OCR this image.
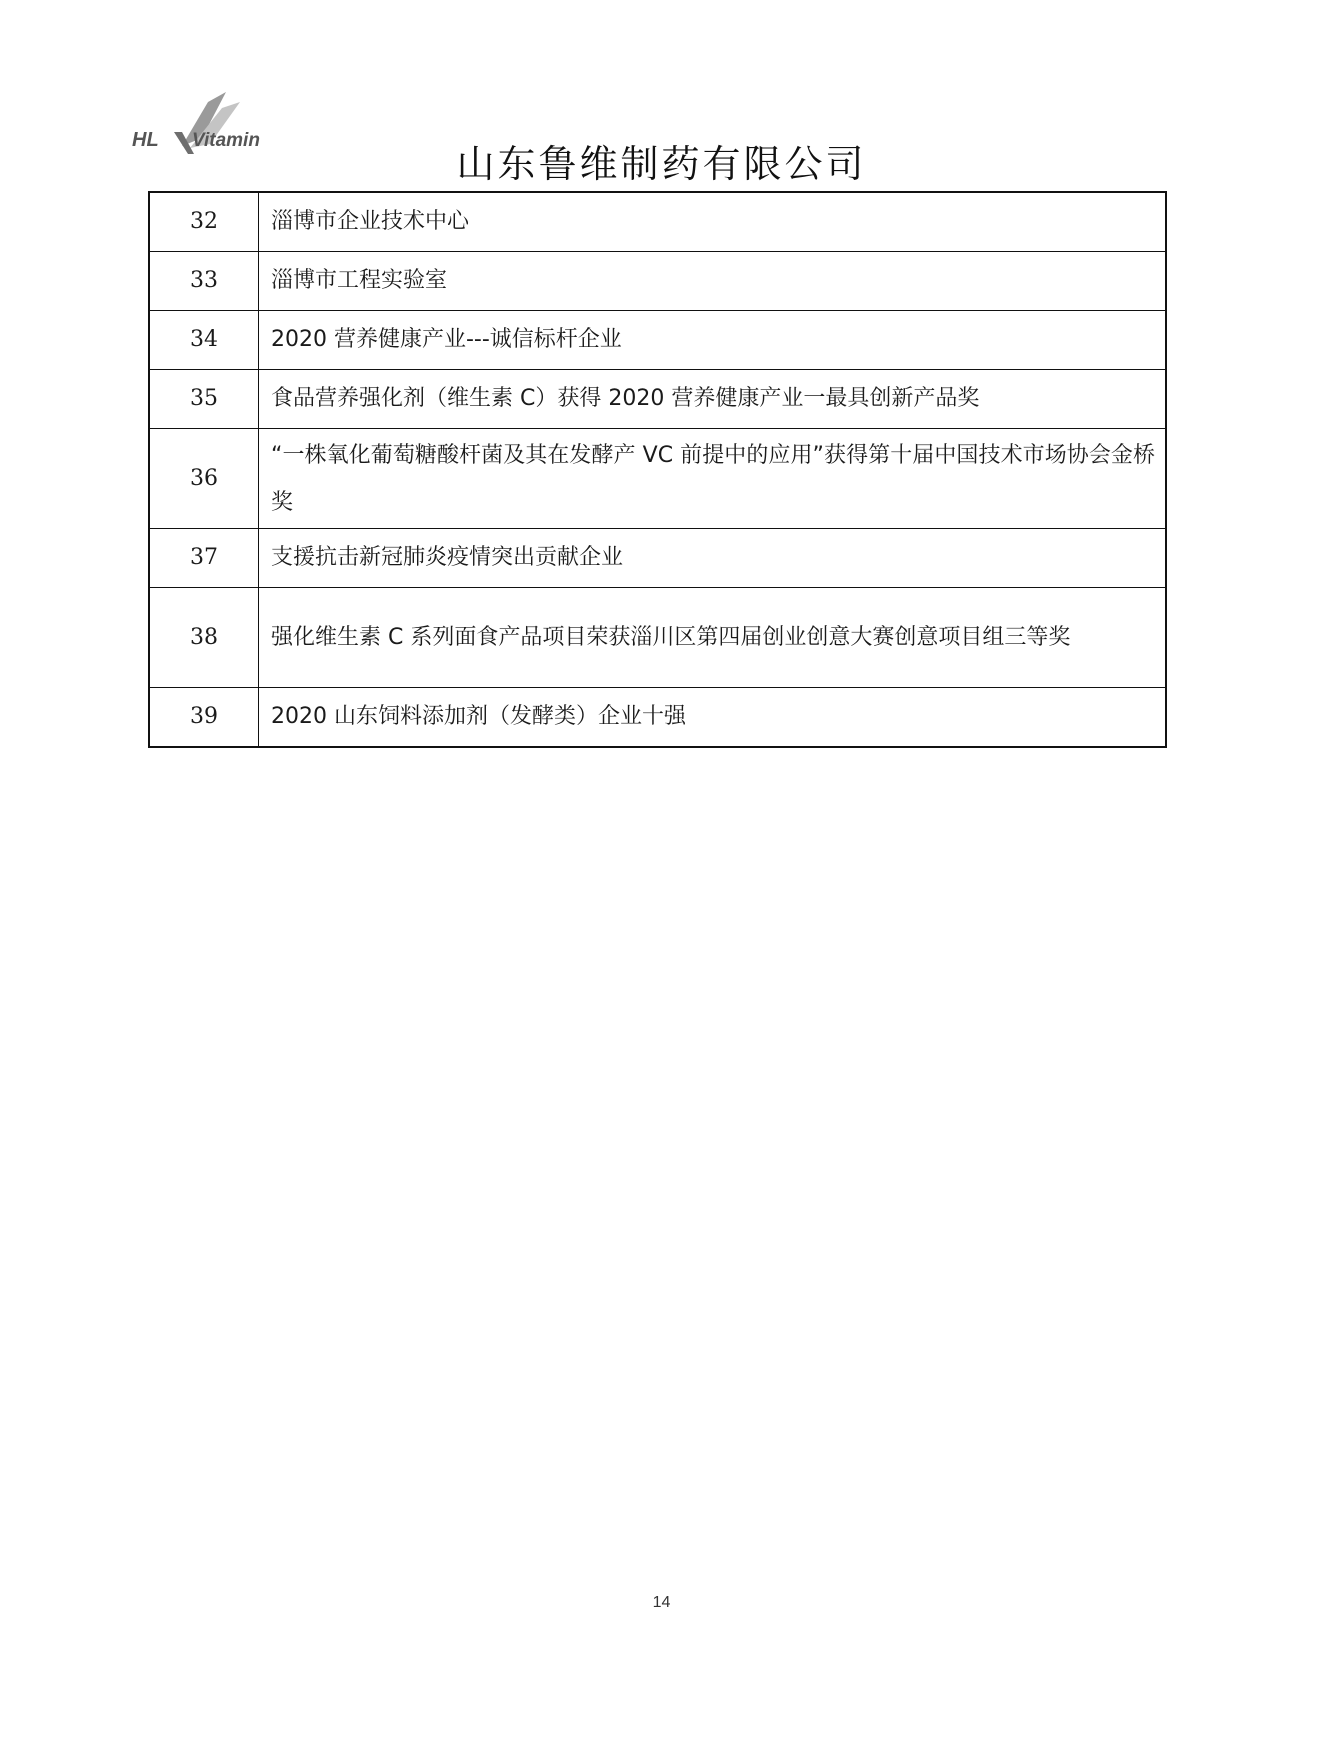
HL Vitamin
山东鲁维制药有限公司
32	淄博市企业技术中心
33	淄博市工程实验室
34	2020 营养健康产业---诚信标杆企业
35	食品营养强化剂（维生素 C）获得 2020 营养健康产业一最具创新产品奖
36	“一株氧化葡萄糖酸杆菌及其在发酵产 VC 前提中的应用”获得第十届中国技术市场协会金桥奖
37	支援抗击新冠肺炎疫情突出贡献企业
38	强化维生素 C 系列面食产品项目荣获淄川区第四届创业创意大赛创意项目组三等奖
39	2020 山东饲料添加剂（发酵类）企业十强
14
